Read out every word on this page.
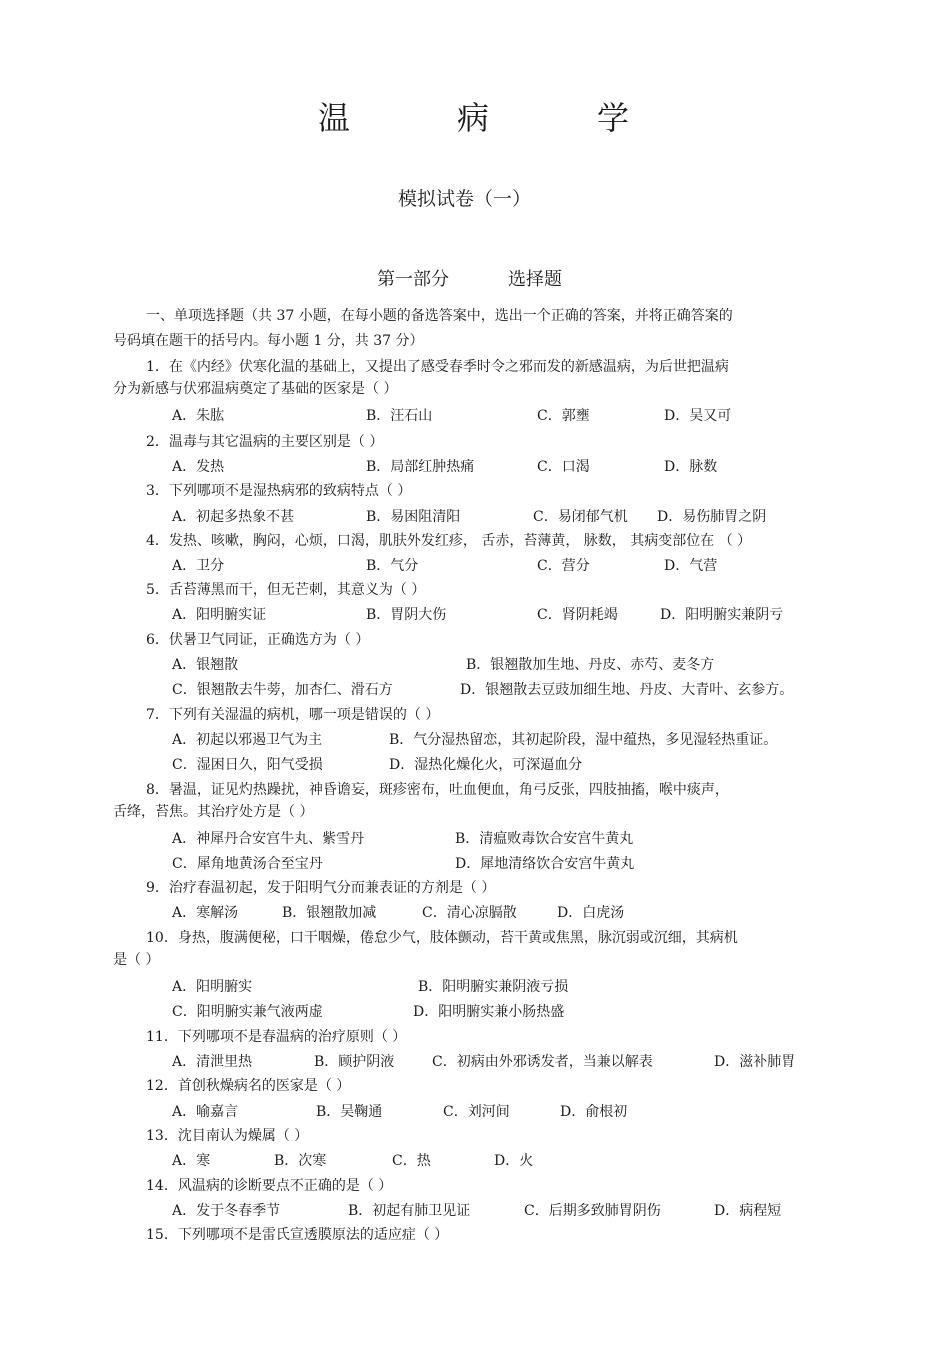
温	病	学
模拟试卷（一）
第一部分	选择题
一、单项选择题（共 37 小题，在每小题的备选答案中，选出一个正确的答案，并将正确答案的
号码填在题干的括号内。每小题 1 分，共 37 分）
1．在《内经》伏寒化温的基础上，又提出了感受春季时令之邪而发的新感温病，为后世把温病
分为新感与伏邪温病奠定了基础的医家是（ ）
A．朱肱	B．汪石山	C．郭壅	D．吴又可
2．温毒与其它温病的主要区别是（ ）
A．发热	B．局部红肿热痛	C．口渴	D．脉数
3．下列哪项不是湿热病邪的致病特点（ ）
A．初起多热象不甚	B．易困阻清阳	C．易闭郁气机 D．易伤肺胃之阴
4．发热、咳嗽，胸闷，心烦，口渴，肌肤外发红疹， 舌赤，苔薄黄， 脉数， 其病变部位在 （ ）
A．卫分	B．气分	C．营分	D．气营
5．舌苔薄黑而干，但无芒刺，其意义为（ ）
A．阳明腑实证	B．胃阴大伤	C．肾阴耗竭	D．阳明腑实兼阴亏
6．伏暑卫气同证，正确选方为（ ）
A．银翘散	B．银翘散加生地、丹皮、赤芍、麦冬方
C．银翘散去牛蒡，加杏仁、滑石方	D．银翘散去豆豉加细生地、丹皮、大青叶、玄参方。
7．下列有关湿温的病机，哪一项是错误的（ ）
A．初起以邪遏卫气为主	B．气分湿热留恋，其初起阶段，湿中蕴热，多见湿轻热重证。
C．湿困日久，阳气受损	D．湿热化燥化火，可深逼血分
8．暑温，证见灼热躁扰，神昏谵妄，斑疹密布，吐血便血，角弓反张，四肢抽搐，喉中痰声，
舌绛，苔焦。其治疗处方是（ ）
A．神犀丹合安宫牛丸、紫雪丹	B．清瘟败毒饮合安宫牛黄丸
C．犀角地黄汤合至宝丹	D．犀地清络饮合安宫牛黄丸
9．治疗春温初起，发于阳明气分而兼表证的方剂是（ ）
A．寒解汤	B．银翘散加减	C．清心凉膈散	D．白虎汤
10．身热，腹满便秘，口干咽燥，倦怠少气，肢体颤动，苔干黄或焦黑，脉沉弱或沉细，其病机
是（ ）
A．阳明腑实	B．阳明腑实兼阴液亏损
C．阳明腑实兼气液两虚	D．阳明腑实兼小肠热盛
11．下列哪项不是春温病的治疗原则（ ）
A．清泄里热	B．顾护阴液	C．初病由外邪诱发者，当兼以解表	D．滋补肺胃
12．首创秋燥病名的医家是（ ）
A．喻嘉言	B．吴鞠通	C．刘河间	D．俞根初
13．沈目南认为燥属（ ）
A．寒	B．次寒	C．热	D．火
14．风温病的诊断要点不正确的是（ ）
A．发于冬春季节	B．初起有肺卫见证	C．后期多致肺胃阴伤	D．病程短
15．下列哪项不是雷氏宣透膜原法的适应症（ ）
